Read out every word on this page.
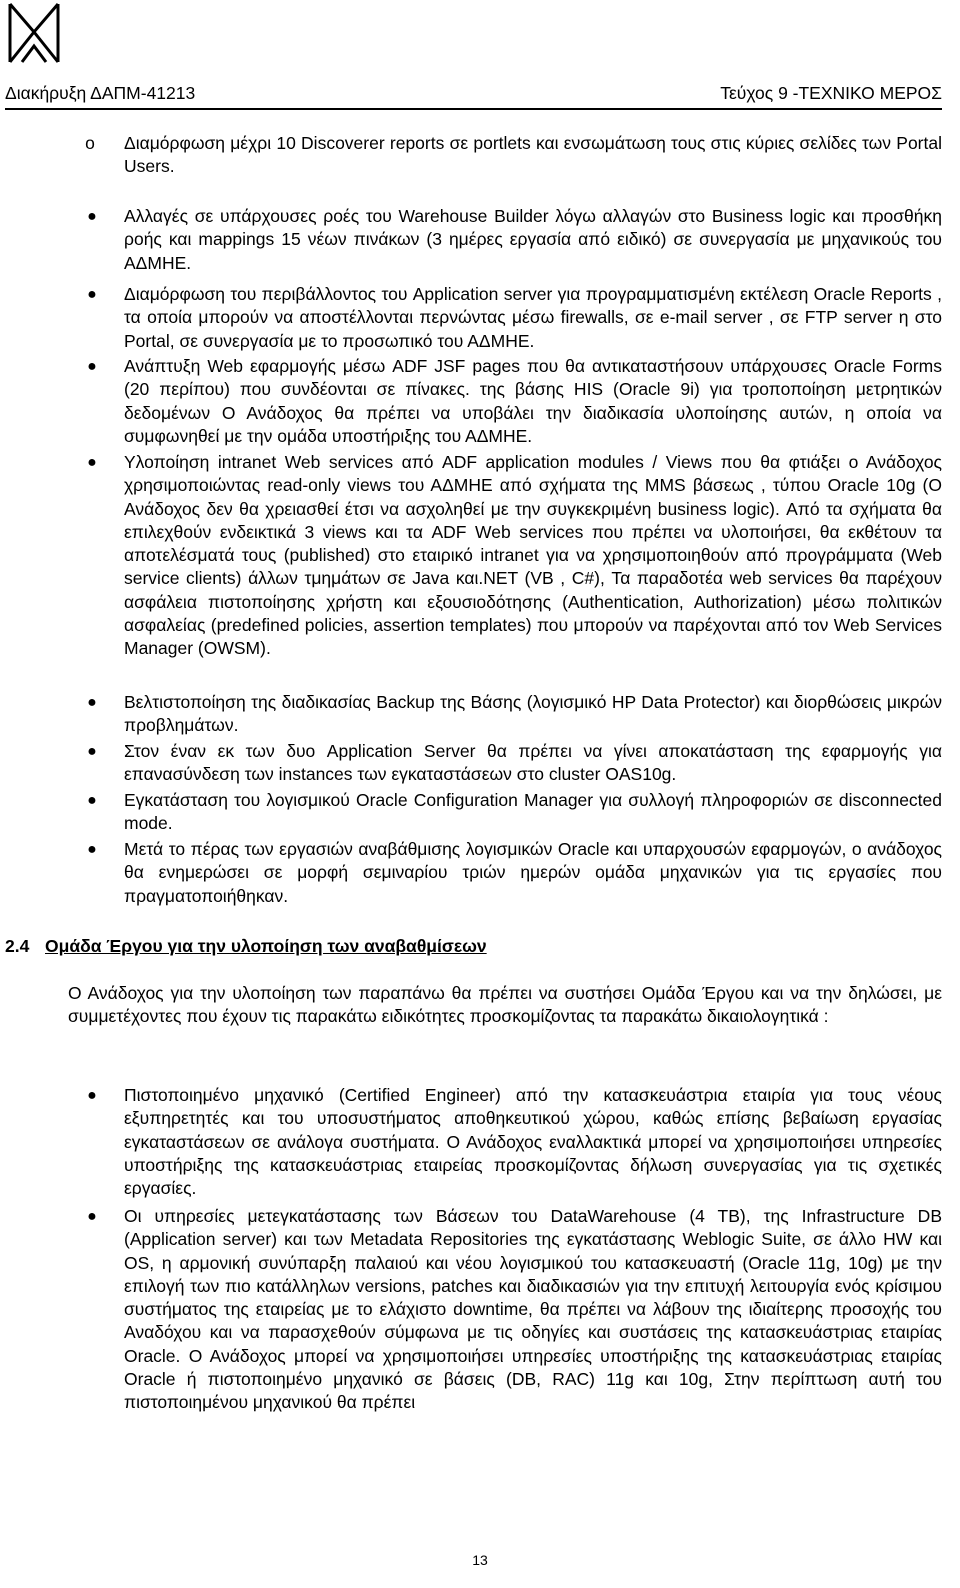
Διακήρυξη ΔΑΠΜ-41213	Τεύχος 9 -ΤΕΧΝΙΚΟ ΜΕΡΟΣ
o Διαμόρφωση μέχρι 10 Discoverer reports σε portlets και ενσωμάτωση τους στις κύριες σελίδες των Portal Users.
● Αλλαγές σε υπάρχουσες ροές του Warehouse Builder λόγω αλλαγών στο Business logic και προσθήκη ροής και mappings 15 νέων πινάκων (3 ημέρες εργασία από ειδικό) σε συνεργασία με μηχανικούς του ΑΔΜΗΕ.
● Διαμόρφωση του περιβάλλοντος του Application server για προγραμματισμένη εκτέλεση Oracle Reports , τα οποία μπορούν να αποστέλλονται περνώντας μέσω firewalls, σε e-mail server , σε FTP server η στο Portal, σε συνεργασία με το προσωπικό του ΑΔΜΗΕ.
● Ανάπτυξη Web εφαρμογής μέσω ADF JSF pages που θα αντικαταστήσουν υπάρχουσες Oracle Forms (20 περίπου) που συνδέονται σε πίνακες. της βάσης HIS (Oracle 9i) για τροποποίηση μετρητικών δεδομένων Ο Ανάδοχος θα πρέπει να υποβάλει την διαδικασία υλοποίησης αυτών, η οποία να συμφωνηθεί με την ομάδα υποστήριξης του ΑΔΜΗΕ.
● Υλοποίηση intranet Web services από ADF application modules / Views που θα φτιάξει ο Ανάδοχος χρησιμοποιώντας read-only views του ΑΔΜΗΕ από σχήματα της MMS βάσεως , τύπου Oracle 10g (Ο Ανάδοχος δεν θα χρειασθεί έτσι να ασχοληθεί με την συγκεκριμένη business logic). Από τα σχήματα θα επιλεχθούν ενδεικτικά 3 views και τα ADF Web services που πρέπει να υλοποιήσει, θα εκθέτουν τα αποτελέσματά τους (published) στο εταιρικό intranet για να χρησιμοποιηθούν από προγράμματα (Web service clients) άλλων τμημάτων σε Java και.NET (VB , C#), Τα παραδοτέα web services θα παρέχουν ασφάλεια πιστοποίησης χρήστη και εξουσιοδότησης (Authentication, Authorization) μέσω πολιτικών ασφαλείας (predefined policies, assertion templates) που μπορούν να παρέχονται από τον Web Services Manager (OWSM).
● Βελτιστοποίηση της διαδικασίας Backup της Βάσης (λογισμικό HP Data Protector) και διορθώσεις μικρών προβλημάτων.
● Στον έναν εκ των δυο Application Server θα πρέπει να γίνει αποκατάσταση της εφαρμογής για επανασύνδεση των instances των εγκαταστάσεων στο cluster OAS10g.
● Εγκατάσταση του λογισμικού Oracle Configuration Manager για συλλογή πληροφοριών σε disconnected mode.
● Μετά το πέρας των εργασιών αναβάθμισης λογισμικών Oracle και υπαρχουσών εφαρμογών, ο ανάδοχος θα ενημερώσει σε μορφή σεμιναρίου τριών ημερών ομάδα μηχανικών για τις εργασίες που πραγματοποιήθηκαν.
2.4 Ομάδα Έργου για την υλοποίηση των αναβαθμίσεων
Ο Ανάδοχος για την υλοποίηση των παραπάνω θα πρέπει να συστήσει Ομάδα Έργου και να την δηλώσει, με συμμετέχοντες που έχουν τις παρακάτω ειδικότητες προσκομίζοντας τα παρακάτω δικαιολογητικά :
● Πιστοποιημένο μηχανικό (Certified Engineer) από την κατασκευάστρια εταιρία για τους νέους εξυπηρετητές και του υποσυστήματος αποθηκευτικού χώρου, καθώς επίσης βεβαίωση εργασίας εγκαταστάσεων σε ανάλογα συστήματα. Ο Ανάδοχος εναλλακτικά μπορεί να χρησιμοποιήσει υπηρεσίες υποστήριξης της κατασκευάστριας εταιρείας προσκομίζοντας δήλωση συνεργασίας για τις σχετικές εργασίες.
● Οι υπηρεσίες μετεγκατάστασης των Βάσεων του DataWarehouse (4 TB), της Infrastructure DB (Application server) και των Metadata Repositories της εγκατάστασης Weblogic Suite, σε άλλο HW και OS, η αρμονική συνύπαρξη παλαιού και νέου λογισμικού του κατασκευαστή (Oracle 11g, 10g) με την επιλογή των πιο κατάλληλων versions, patches και διαδικασιών για την επιτυχή λειτουργία ενός κρίσιμου συστήματος της εταιρείας με το ελάχιστο downtime, θα πρέπει να λάβουν της ιδιαίτερης προσοχής του Αναδόχου και να παρασχεθούν σύμφωνα με τις οδηγίες και συστάσεις της κατασκευάστριας εταιρίας Oracle. Ο Ανάδοχος μπορεί να χρησιμοποιήσει υπηρεσίες υποστήριξης της κατασκευάστριας εταιρίας Oracle ή πιστοποιημένο μηχανικό σε βάσεις (DB, RAC) 11g και 10g, Στην περίπτωση αυτή του πιστοποιημένου μηχανικού θα πρέπει
13
